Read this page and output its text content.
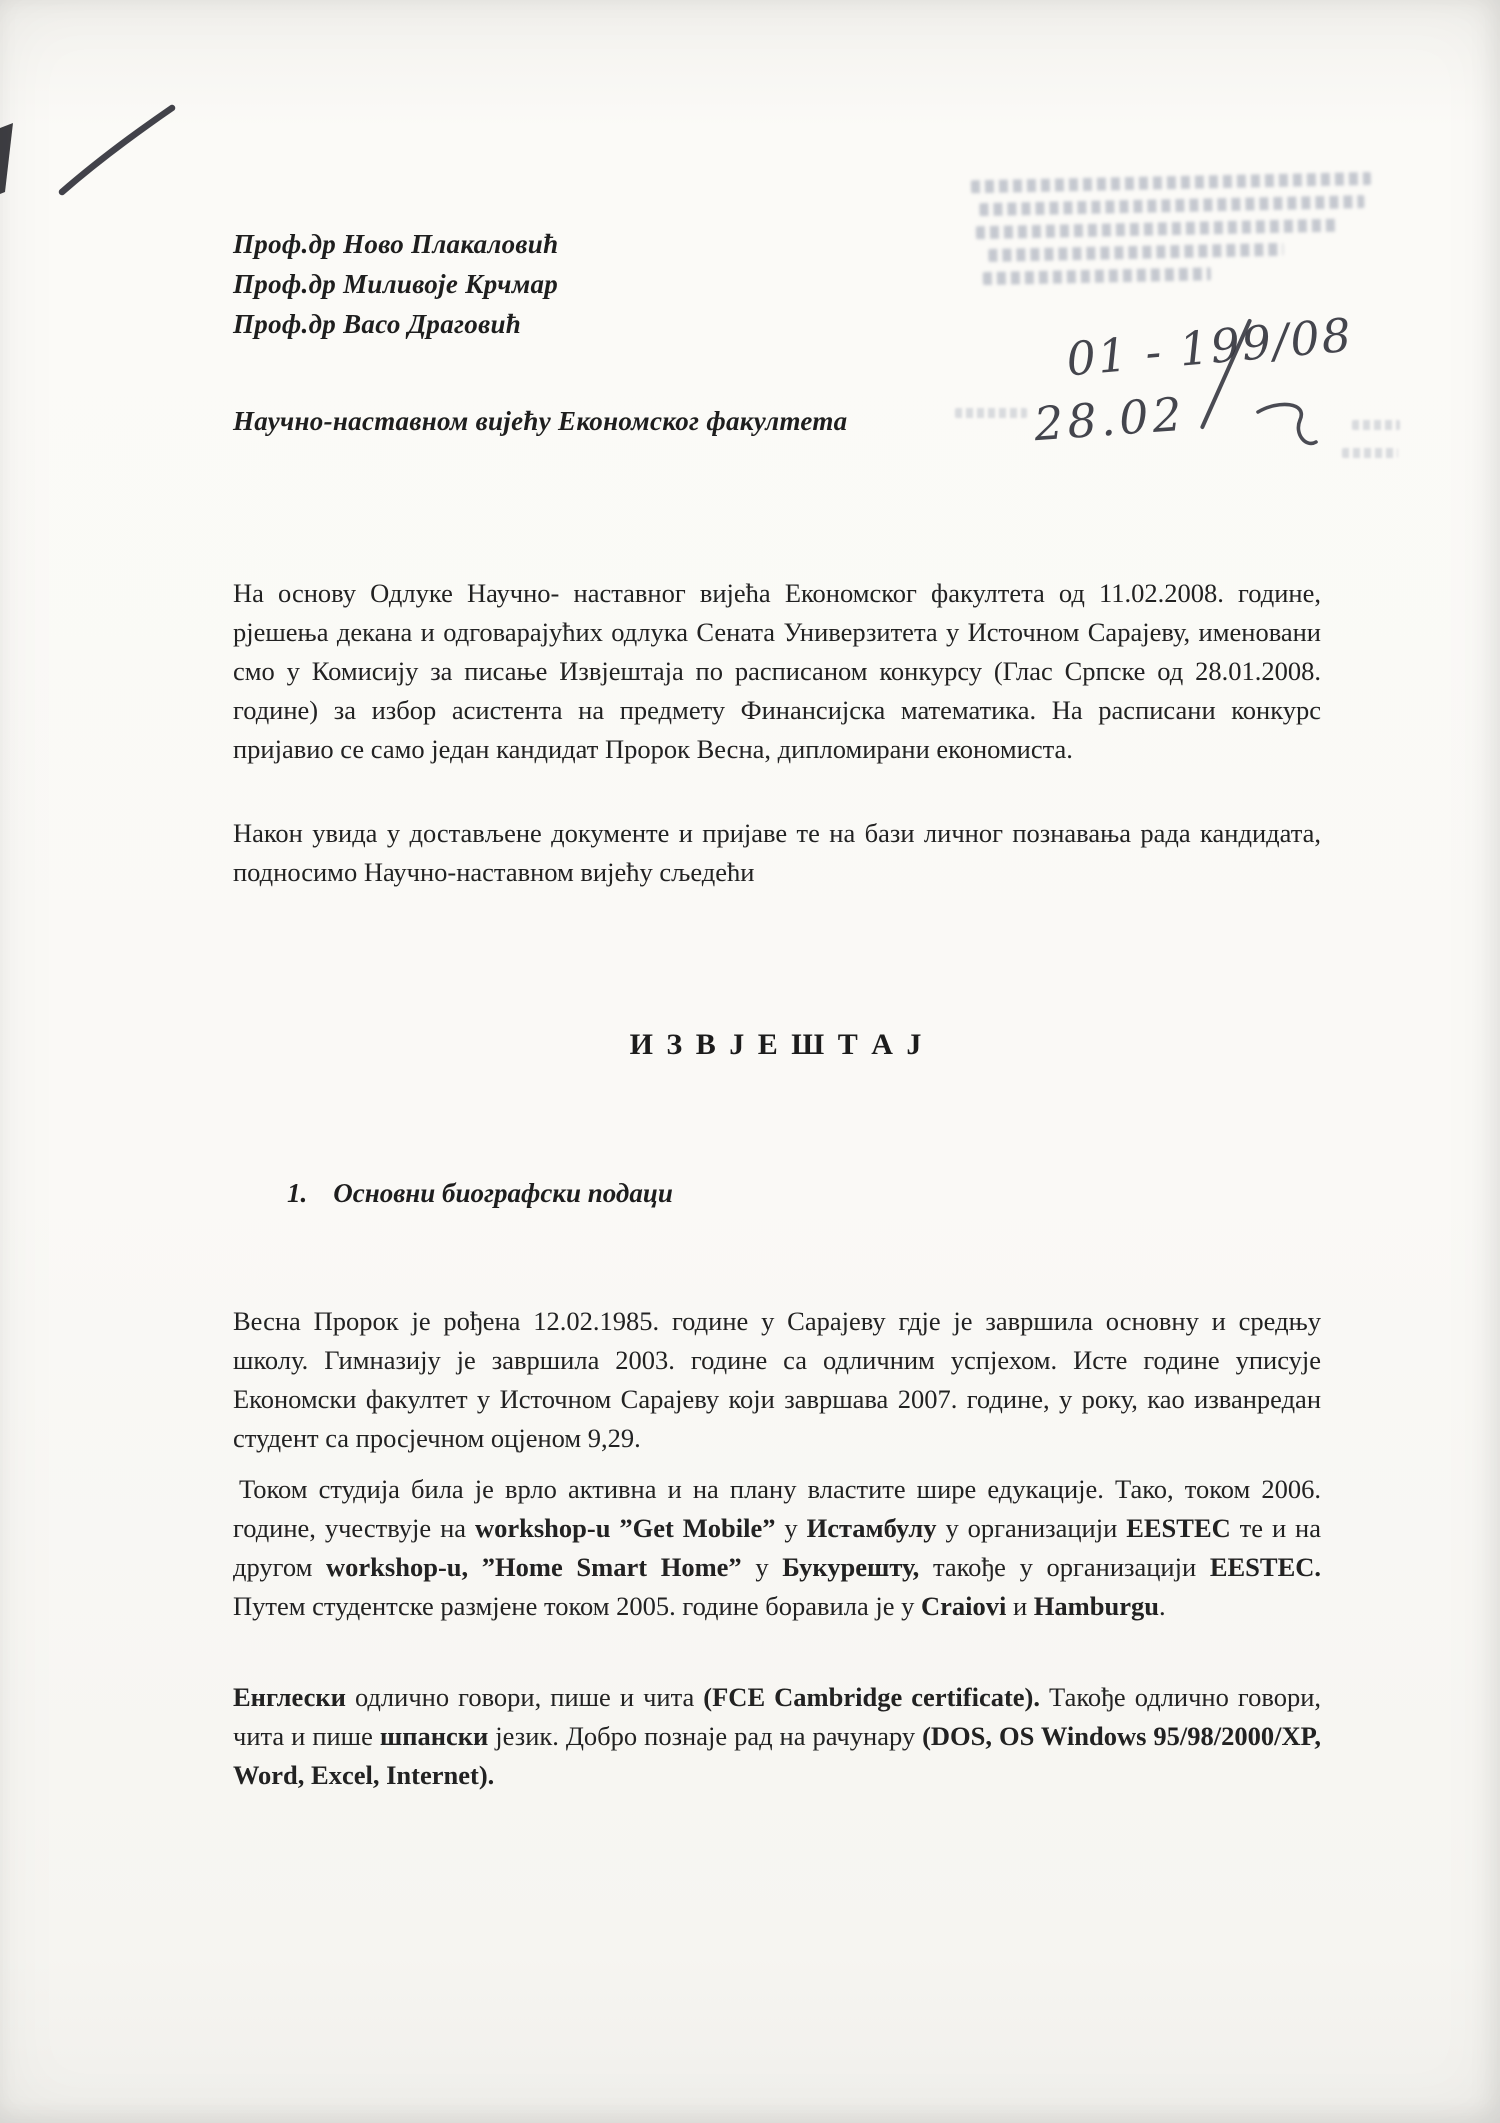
01 - 199/08
28.02
Проф.др Ново Плакаловић
Проф.др Миливоје Крчмар
Проф.др Васо Драговић
Научно-наставном вијећу Економског факултета

На основу Одлуке Научно- наставног вијећа Економског факултета од 11.02.2008. године, рјешења декана и одговарајућих одлука Сената Универзитета у Источном Сарајеву, именовани смо у Комисију за писање Извјештаја по расписаном конкурсу (Глас Српске од 28.01.2008. године) за избор асистента на предмету Финансијска математика. На расписани конкурс пријавио се само један кандидат Пророк Весна, дипломирани економиста.

Након увида у достављене документе и пријаве те на бази личног познавања рада кандидата, подносимо Научно-наставном вијећу сљедећи

И З В Ј Е Ш Т А Ј
1. Основни биографски подаци

Весна Пророк је рођена 12.02.1985. године у Сарајеву гдје је завршила основну и средњу школу. Гимназију је завршила 2003. године са одличним успјехом. Исте године уписује Економски факултет у Источном Сарајеву који завршава 2007. године, у року, као изванредан студент са просјечном оцјеном 9,29.

Током студија била је врло активна и на плану властите шире едукације. Тако, током 2006. године, учествује на workshop-u ”Get Mobile” у Истамбулу у организацији EESTEC те и на другом workshop-u, ”Home Smart Home” у Букурешту, такође у организацији EESTEC. Путем студентске размјене током 2005. године боравила је у Craiovi и Hamburgu.

Енглески одлично говори, пише и чита (FCE Cambridge certificate). Такође одлично говори, чита и пише шпански језик. Добро познаје рад на рачунару (DOS, OS Windows 95/98/2000/XP, Word, Excel, Internet).
